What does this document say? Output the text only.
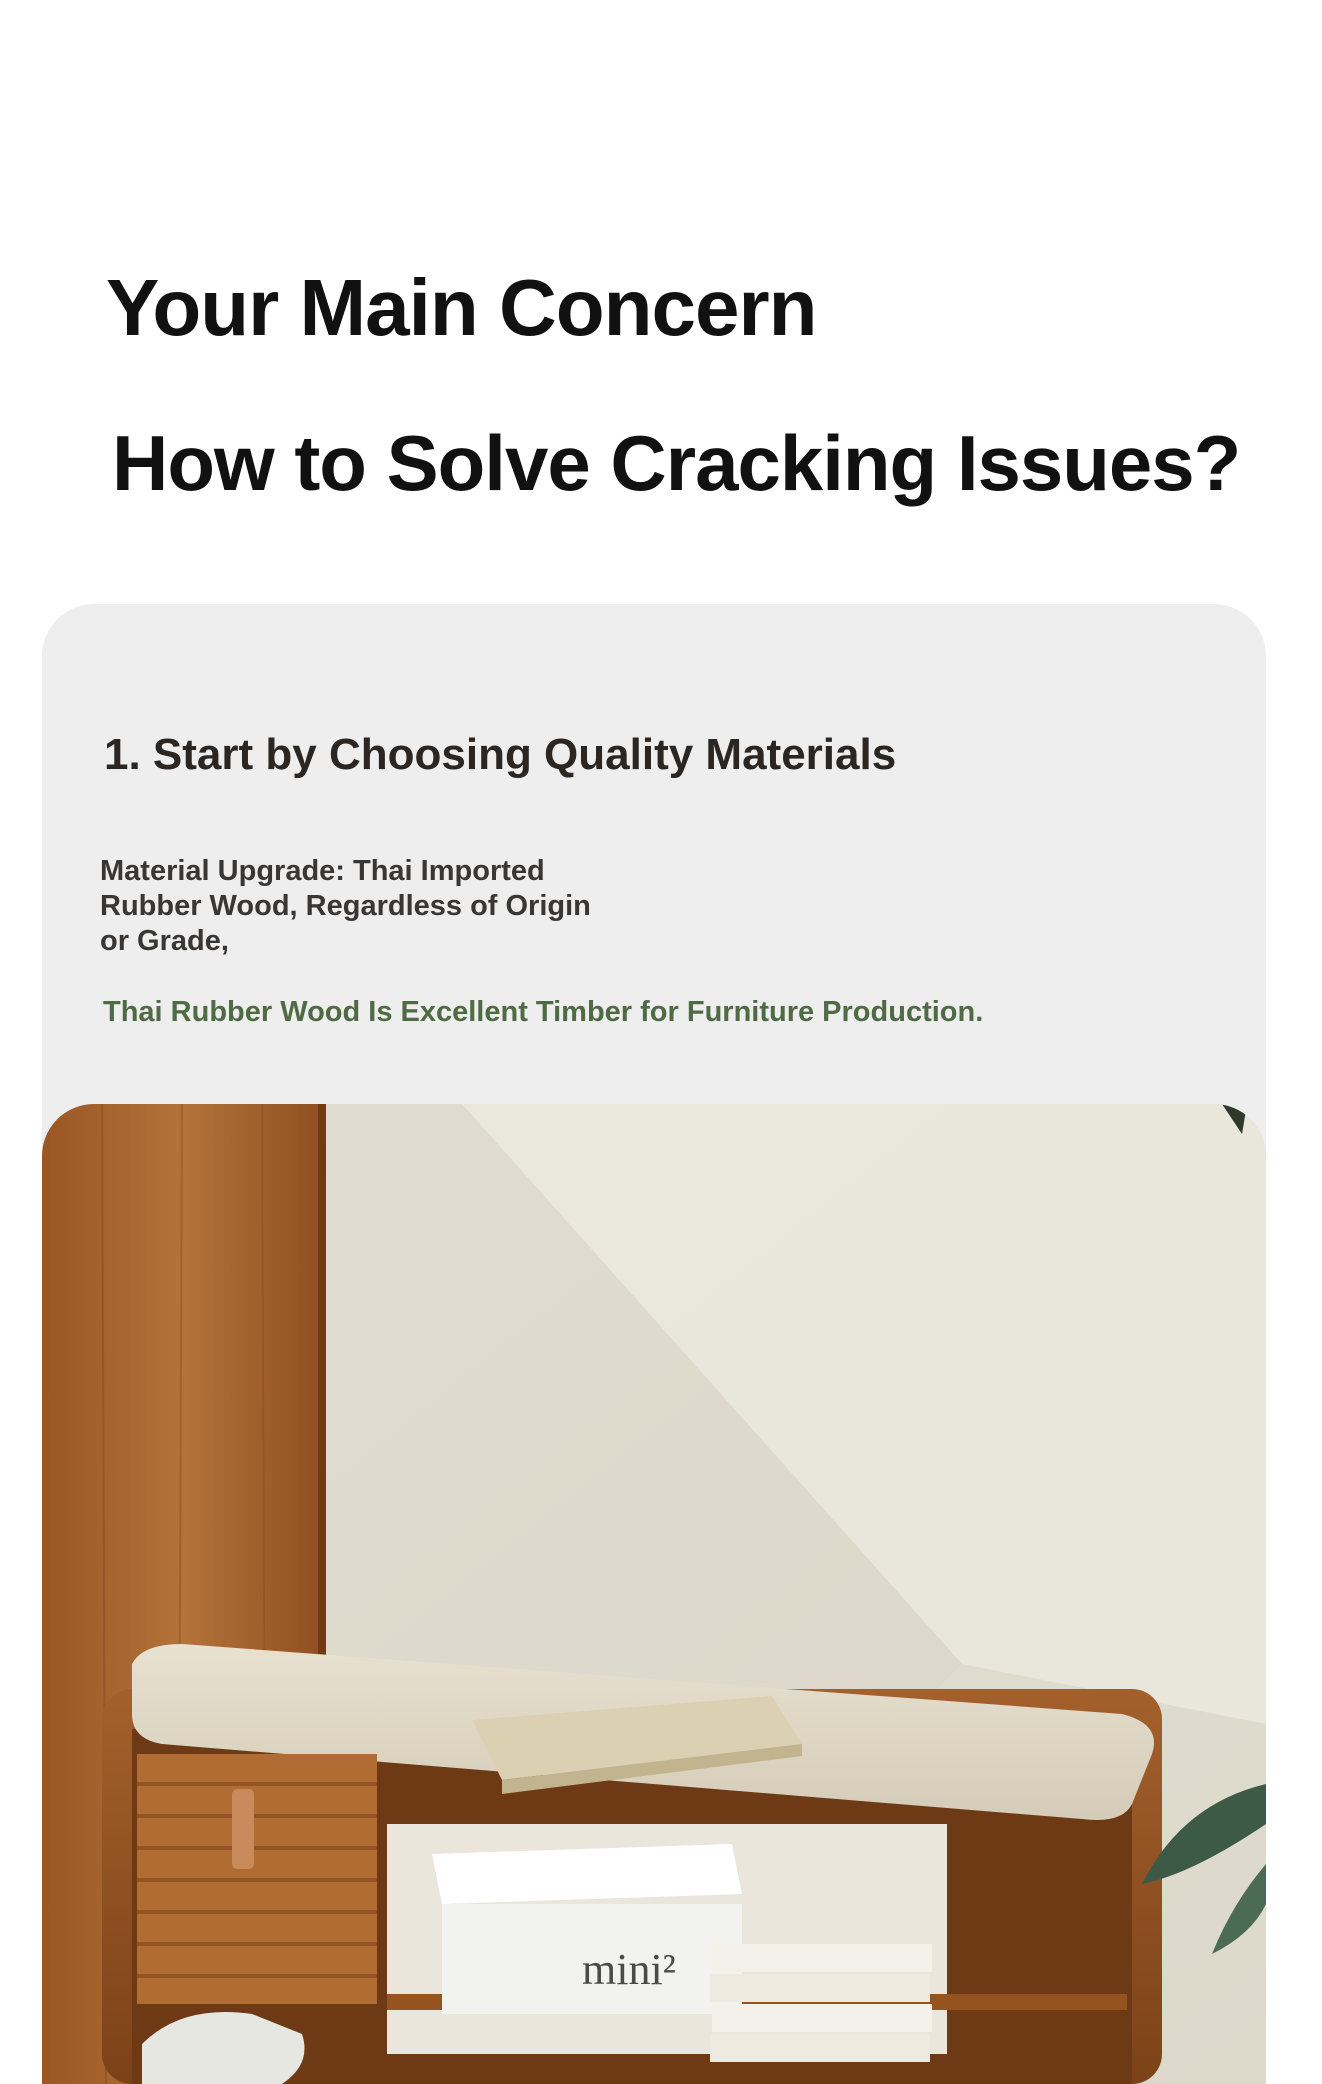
Your Main Concern
How to Solve Cracking Issues?
1. Start by Choosing Quality Materials

Material Upgrade: Thai Imported
Rubber Wood, Regardless of Origin
or Grade,

Thai Rubber Wood Is Excellent Timber for Furniture Production.

mini²
